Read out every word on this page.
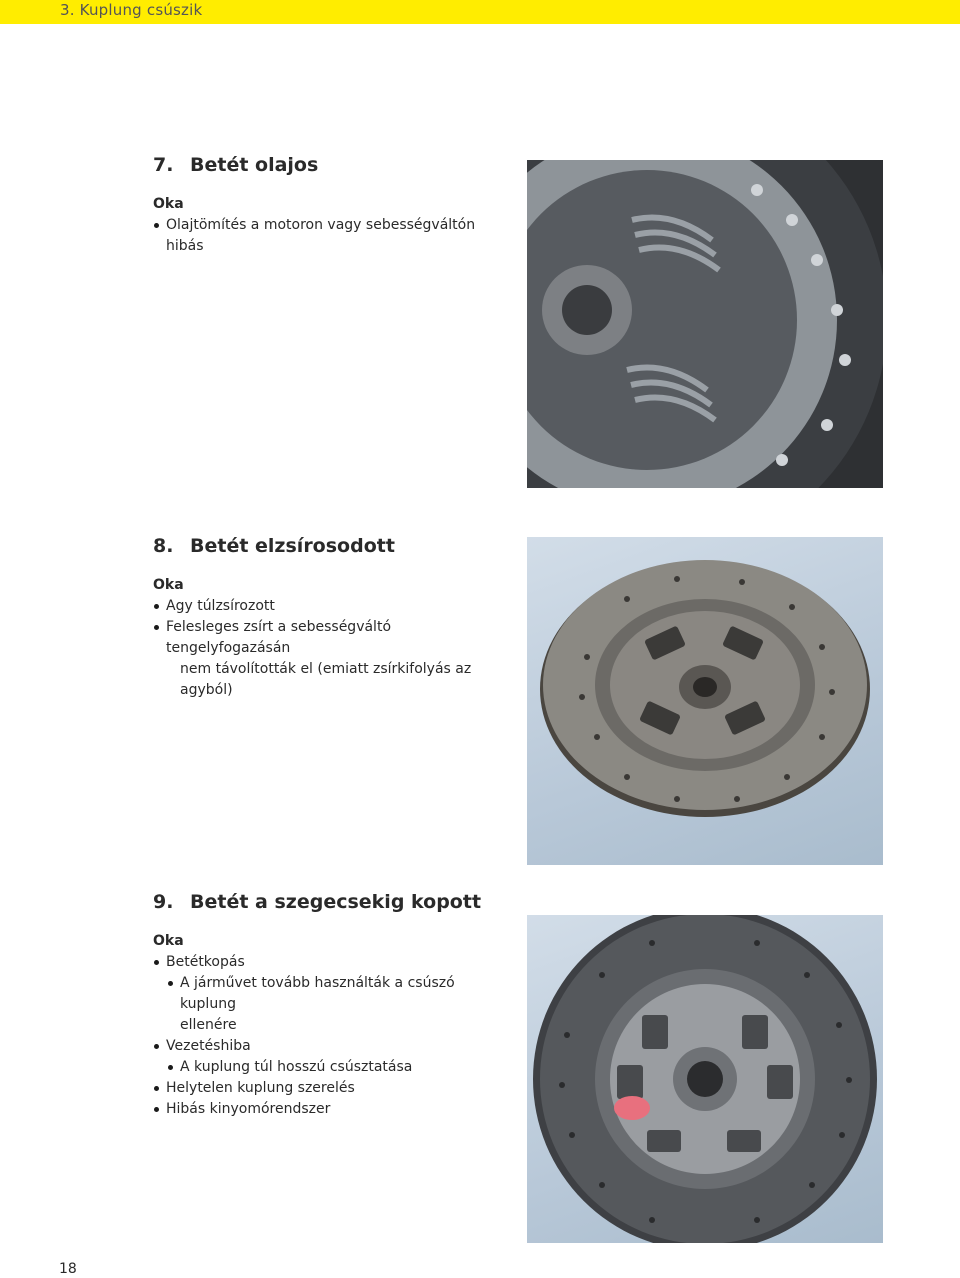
3. Kuplung csúszik
7. Betét olajos
Oka
Olajtömítés a motoron vagy sebességváltón hibás
8. Betét elzsírosodott
Oka
Agy túlzsírozott
Felesleges zsírt a sebességváltó tengelyfogazásán
nem távolították el (emiatt zsírkifolyás az agyból)
9. Betét a szegecsekig kopott
Oka
Betétkopás
A járművet tovább használták a csúszó kuplung
ellenére
Vezetéshiba
A kuplung túl hosszú csúsztatása
Helytelen kuplung szerelés
Hibás kinyomórendszer
18
